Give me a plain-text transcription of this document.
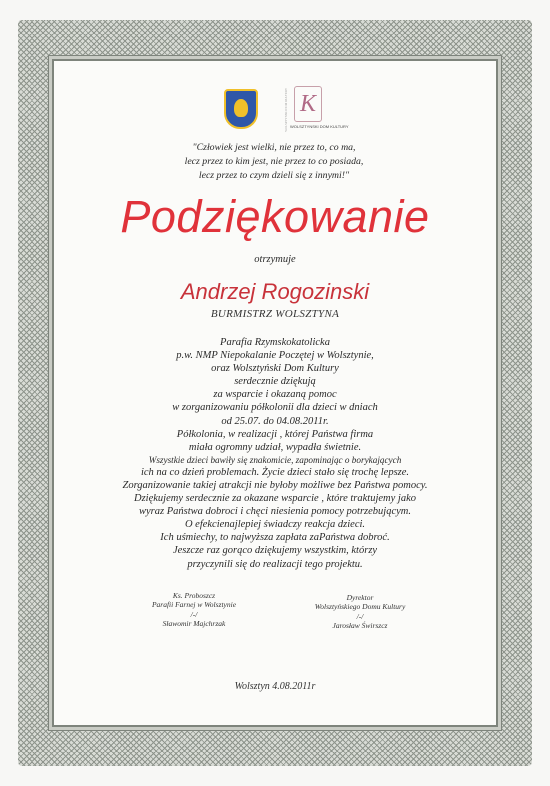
WOLSZTYNSKI DOM KULTURY K
WOLSZTYNSKI DOM KULTURY
"Człowiek jest wielki, nie przez to, co ma,
lecz przez to kim jest, nie przez to co posiada,
lecz przez to czym dzieli się z innymi!"
Podziękowanie
otrzymuje
Andrzej Rogozinski
BURMISTRZ WOLSZTYNA
Parafia Rzymskokatolicka
p.w. NMP Niepokalanie Poczętej w Wolsztynie,
oraz Wolsztyński Dom Kultury
serdecznie dziękują
za wsparcie i okazaną pomoc
w zorganizowaniu półkolonii dla dzieci w dniach
od 25.07. do 04.08.2011r.
Półkolonia, w realizacji , której Państwa firma
miała ogromny udział, wypadła świetnie.
Wszystkie dzieci bawiły się znakomicie, zapominając o borykających
ich na co dzień problemach. Życie dzieci stało się trochę lepsze.
Zorganizowanie takiej atrakcji nie byłoby możliwe bez Państwa pomocy.
Dziękujemy serdecznie za okazane wsparcie , które traktujemy jako
wyraz Państwa dobroci i chęci niesienia pomocy potrzebującym.
O efekcienajlepiej świadczy reakcja dzieci.
Ich uśmiechy, to najwyższa zapłata zaPaństwa dobroć.
Jeszcze raz gorąco dziękujemy wszystkim, którzy
przyczynili się do realizacji tego projektu.
Ks. Proboszcz
Parafii Farnej w Wolsztynie
/-/
Sławomir Majchrzak
Dyrektor
Wolsztyńskiego Domu Kultury
/-/
Jarosław Świrszcz
Wolsztyn 4.08.2011r
